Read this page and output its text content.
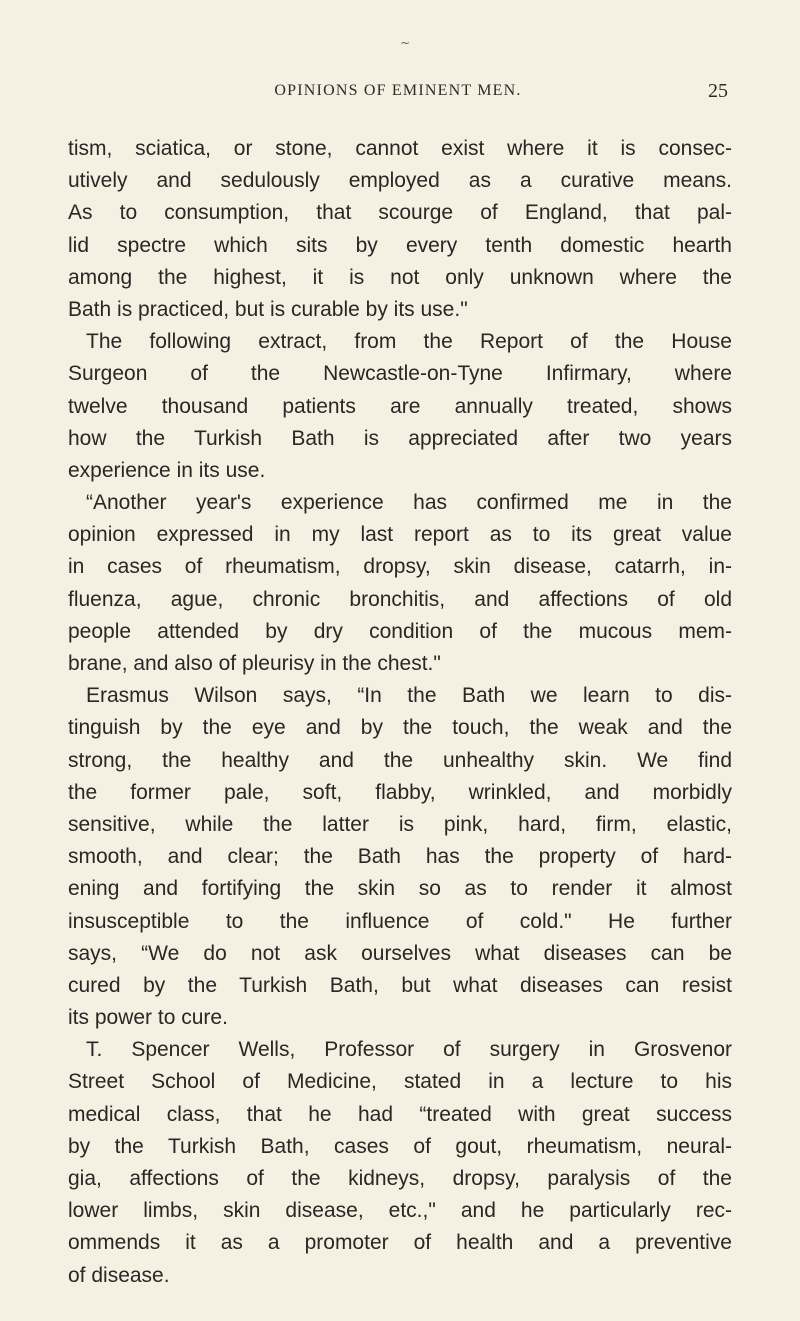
~
OPINIONS OF EMINENT MEN.	25
tism, sciatica, or stone, cannot exist where it is consec-
utively and sedulously employed as a curative means.
As to consumption, that scourge of England, that pal-
lid spectre which sits by every tenth domestic hearth
among the highest, it is not only unknown where the
Bath is practiced, but is curable by its use."
The following extract, from the Report of the House
Surgeon of the Newcastle-on-Tyne Infirmary, where
twelve thousand patients are annually treated, shows
how the Turkish Bath is appreciated after two years
experience in its use.
“Another year's experience has confirmed me in the
opinion expressed in my last report as to its great value
in cases of rheumatism, dropsy, skin disease, catarrh, in-
fluenza, ague, chronic bronchitis, and affections of old
people attended by dry condition of the mucous mem-
brane, and also of pleurisy in the chest."
Erasmus Wilson says, “In the Bath we learn to dis-
tinguish by the eye and by the touch, the weak and the
strong, the healthy and the unhealthy skin. We find
the former pale, soft, flabby, wrinkled, and morbidly
sensitive, while the latter is pink, hard, firm, elastic,
smooth, and clear; the Bath has the property of hard-
ening and fortifying the skin so as to render it almost
insusceptible to the influence of cold." He further
says, “We do not ask ourselves what diseases can be
cured by the Turkish Bath, but what diseases can resist
its power to cure.
T. Spencer Wells, Professor of surgery in Grosvenor
Street School of Medicine, stated in a lecture to his
medical class, that he had “treated with great success
by the Turkish Bath, cases of gout, rheumatism, neural-
gia, affections of the kidneys, dropsy, paralysis of the
lower limbs, skin disease, etc.," and he particularly rec-
ommends it as a promoter of health and a preventive
of disease.
